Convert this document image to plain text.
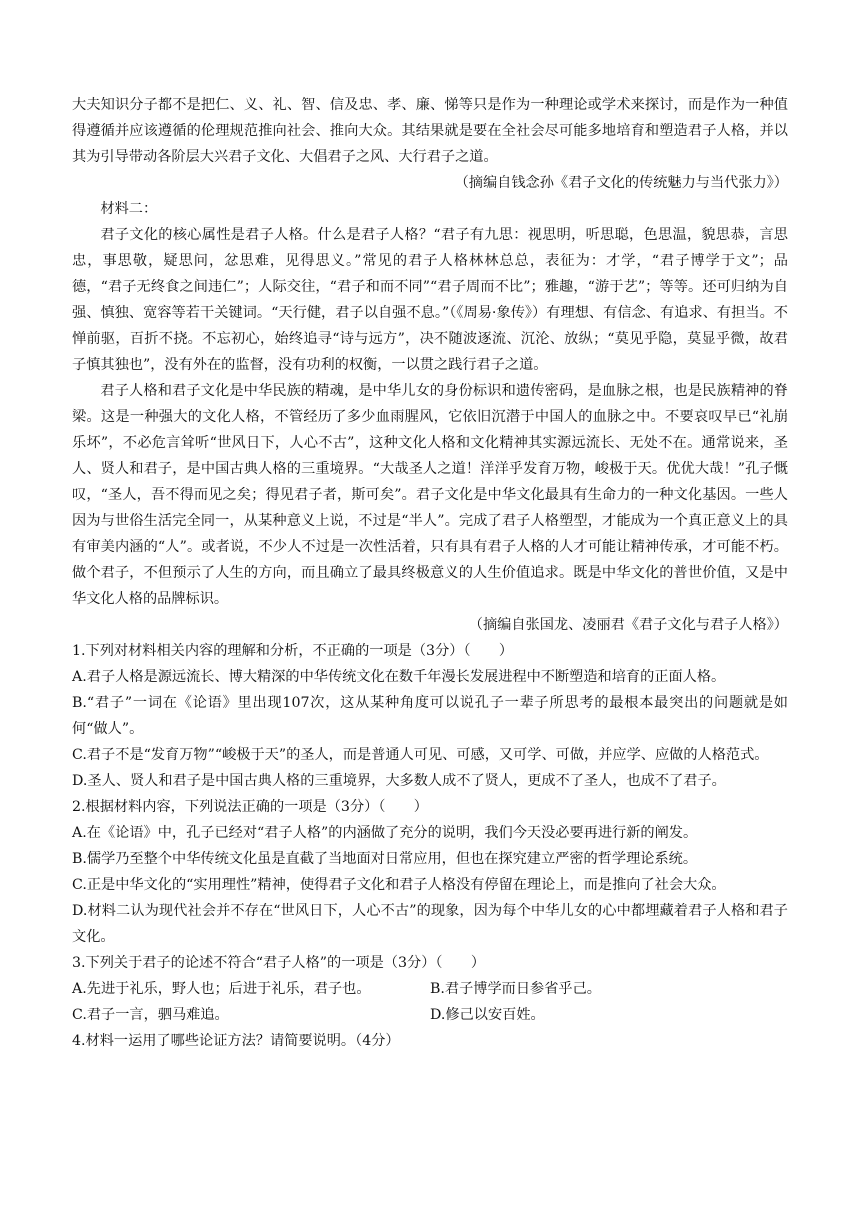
大夫知识分子都不是把仁、义、礼、智、信及忠、孝、廉、悌等只是作为一种理论或学术来探讨，而是作为一种值得遵循并应该遵循的伦理规范推向社会、推向大众。其结果就是要在全社会尽可能多地培育和塑造君子人格，并以其为引导带动各阶层大兴君子文化、大倡君子之风、大行君子之道。

（摘编自钱念孙《君子文化的传统魅力与当代张力》）

材料二：

君子文化的核心属性是君子人格。什么是君子人格？“君子有九思：视思明，听思聪，色思温，貌思恭，言思忠，事思敬，疑思问，忿思难，见得思义。”常见的君子人格林林总总，表征为：才学，“君子博学于文”；品德，“君子无终食之间违仁”；人际交往，“君子和而不同”“君子周而不比”；雅趣，“游于艺”；等等。还可归纳为自强、慎独、宽容等若干关键词。“天行健，君子以自强不息。”（《周易·象传》）有理想、有信念、有追求、有担当。不惮前驱，百折不挠。不忘初心，始终追寻“诗与远方”，决不随波逐流、沉沦、放纵；“莫见乎隐，莫显乎微，故君子慎其独也”，没有外在的监督，没有功利的权衡，一以贯之践行君子之道。

君子人格和君子文化是中华民族的精魂，是中华儿女的身份标识和遗传密码，是血脉之根，也是民族精神的脊梁。这是一种强大的文化人格，不管经历了多少血雨腥风，它依旧沉潜于中国人的血脉之中。不要哀叹早已“礼崩乐坏”，不必危言耸听“世风日下，人心不古”，这种文化人格和文化精神其实源远流长、无处不在。通常说来，圣人、贤人和君子，是中国古典人格的三重境界。“大哉圣人之道！洋洋乎发育万物，峻极于天。优优大哉！”孔子慨叹，“圣人，吾不得而见之矣；得见君子者，斯可矣”。君子文化是中华文化最具有生命力的一种文化基因。一些人因为与世俗生活完全同一，从某种意义上说，不过是“半人”。完成了君子人格塑型，才能成为一个真正意义上的具有审美内涵的“人”。或者说，不少人不过是一次性活着，只有具有君子人格的人才可能让精神传承，才可能不朽。做个君子，不但预示了人生的方向，而且确立了最具终极意义的人生价值追求。既是中华文化的普世价值，又是中华文化人格的品牌标识。

（摘编自张国龙、凌丽君《君子文化与君子人格》）

1.下列对材料相关内容的理解和分析，不正确的一项是（3分）（　　）

A.君子人格是源远流长、博大精深的中华传统文化在数千年漫长发展进程中不断塑造和培育的正面人格。

B.“君子”一词在《论语》里出现107次，这从某种角度可以说孔子一辈子所思考的最根本最突出的问题就是如何“做人”。

C.君子不是“发育万物”“峻极于天”的圣人，而是普通人可见、可感，又可学、可做，并应学、应做的人格范式。

D.圣人、贤人和君子是中国古典人格的三重境界，大多数人成不了贤人，更成不了圣人，也成不了君子。

2.根据材料内容，下列说法正确的一项是（3分）（　　）

A.在《论语》中，孔子已经对“君子人格”的内涵做了充分的说明，我们今天没必要再进行新的阐发。

B.儒学乃至整个中华传统文化虽是直截了当地面对日常应用，但也在探究建立严密的哲学理论系统。

C.正是中华文化的“实用理性”精神，使得君子文化和君子人格没有停留在理论上，而是推向了社会大众。

D.材料二认为现代社会并不存在“世风日下，人心不古”的现象，因为每个中华儿女的心中都埋藏着君子人格和君子文化。

3.下列关于君子的论述不符合“君子人格”的一项是（3分）（　　）

A.先进于礼乐，野人也；后进于礼乐，君子也。	B.君子博学而日参省乎己。
C.君子一言，驷马难追。	D.修己以安百姓。

4.材料一运用了哪些论证方法？请简要说明。（4分）
